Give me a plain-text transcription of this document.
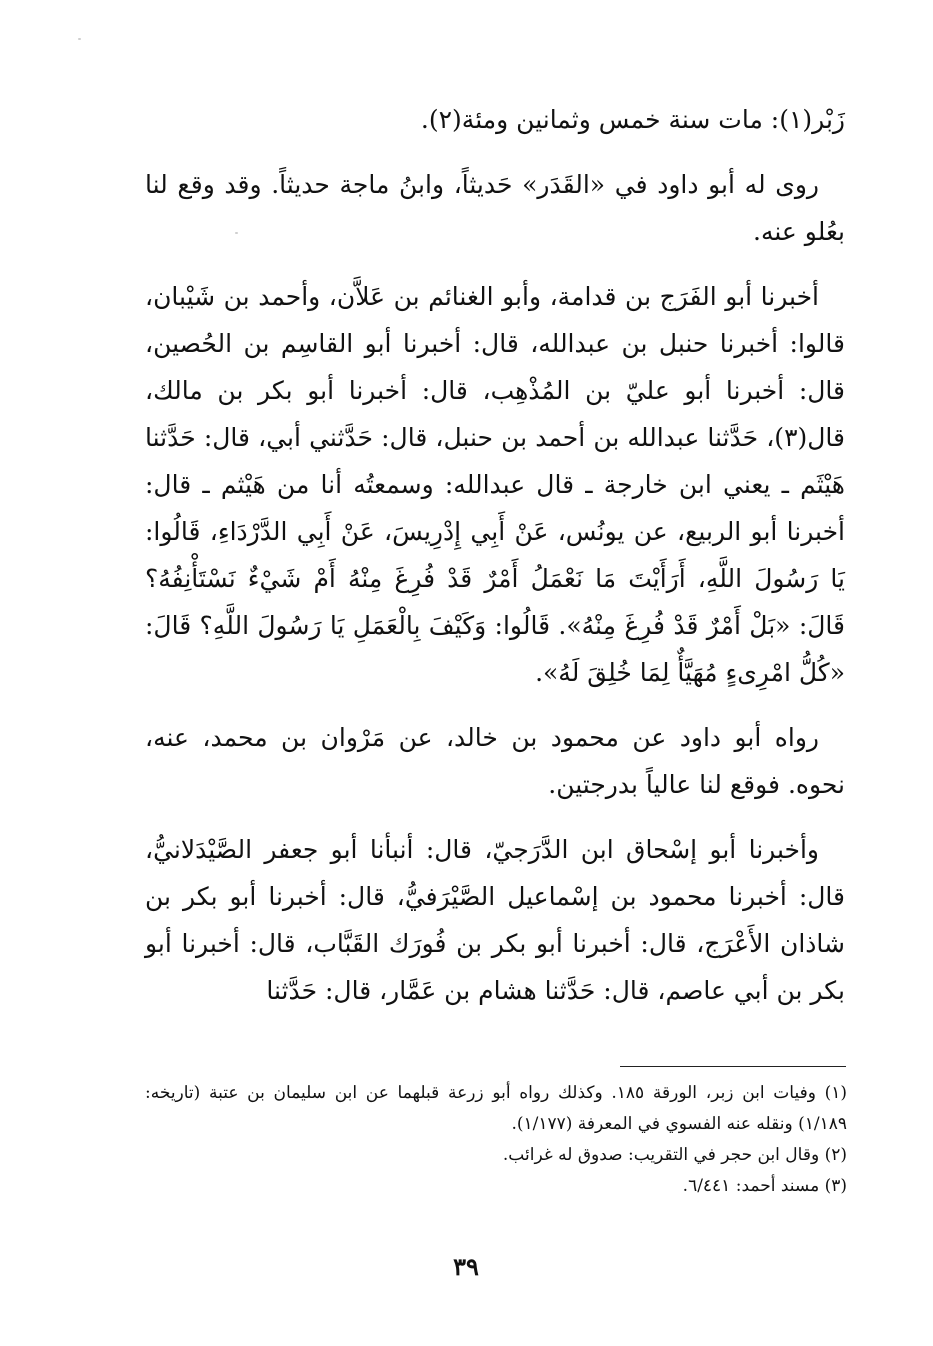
زَبْر(١): مات سنة خمس وثمانين ومئة(٢).

روى له أبو داود في «القَدَر» حَديثاً، وابنُ ماجة حديثاً. وقد وقع لنا بعُلو عنه.

أخبرنا أبو الفَرَج بن قدامة، وأبو الغنائم بن عَلاَّن، وأحمد بن شَيْبان، قالوا: أخبرنا حنبل بن عبدالله، قال: أخبرنا أبو القاسِم بن الحُصين، قال: أخبرنا أبو عليّ بن المُذْهِب، قال: أخبرنا أبو بكر بن مالك، قال(٣)، حَدَّثنا عبدالله بن أحمد بن حنبل، قال: حَدَّثني أبي، قال: حَدَّثنا هَيْثَم ـ يعني ابن خارجة ـ قال عبدالله: وسمعتُه أنا من هَيْثم ـ قال: أخبرنا أبو الربيع، عن يونُس، عَنْ أَبِي إِدْرِيسَ، عَنْ أَبِي الدَّرْدَاءِ، قَالُوا: يَا رَسُولَ اللَّهِ، أَرَأَيْتَ مَا نَعْمَلُ أَمْرٌ قَدْ فُرِغَ مِنْهُ أَمْ شَيْءٌ نَسْتَأْنِفُهُ؟ قَالَ: «بَلْ أَمْرٌ قَدْ فُرِغَ مِنْهُ». قَالُوا: وَكَيْفَ بِالْعَمَلِ يَا رَسُولَ اللَّهِ؟ قَالَ: «كُلُّ امْرِىءٍ مُهَيَّأٌ لِمَا خُلِقَ لَهُ».

رواه أبو داود عن محمود بن خالد، عن مَرْوان بن محمد، عنه، نحوه. فوقع لنا عالياً بدرجتين.

وأخبرنا أبو إسْحاق ابن الدَّرَجيّ، قال: أنبأنا أبو جعفر الصَّيْدَلانيُّ، قال: أخبرنا محمود بن إسْماعيل الصَّيْرَفيُّ، قال: أخبرنا أبو بكر بن شاذان الأَعْرَج، قال: أخبرنا أبو بكر بن فُورَك القَبَّاب، قال: أخبرنا أبو بكر بن أبي عاصم، قال: حَدَّثنا هشام بن عَمَّار، قال: حَدَّثنا

(١) وفيات ابن زبر، الورقة ١٨٥. وكذلك رواه أبو زرعة قبلهما عن ابن سليمان بن عتبة (تاريخه: ١/١٨٩) ونقله عنه الفسوي في المعرفة (١/١٧٧).

(٢) وقال ابن حجر في التقريب: صدوق له غرائب.

(٣) مسند أحمد: ٦/٤٤١.

٣٩
